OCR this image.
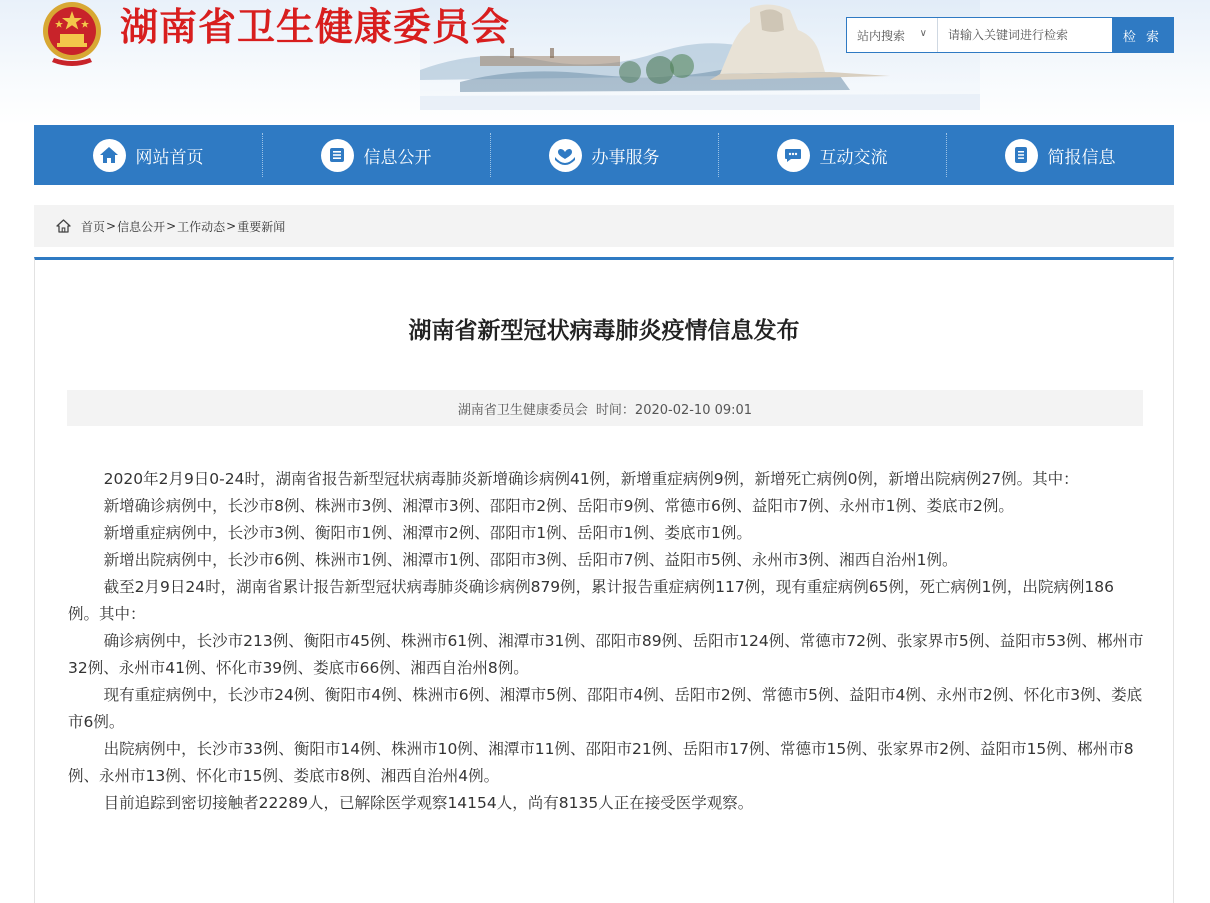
湖南省卫生健康委员会	站内搜索 ∨
请输入关键词进行检索	检 索
网站首页	信息公开	办事服务	互动交流	简报信息
首页 > 信息公开 > 工作动态 > 重要新闻
湖南省新型冠状病毒肺炎疫情信息发布
湖南省卫生健康委员会 时间：2020-02-10 09:01

2020年2月9日0-24时，湖南省报告新型冠状病毒肺炎新增确诊病例41例，新增重症病例9例，新增死亡病例0例，新增出院病例27例。其中：

新增确诊病例中，长沙市8例、株洲市3例、湘潭市3例、邵阳市2例、岳阳市9例、常德市6例、益阳市7例、永州市1例、娄底市2例。

新增重症病例中，长沙市3例、衡阳市1例、湘潭市2例、邵阳市1例、岳阳市1例、娄底市1例。

新增出院病例中，长沙市6例、株洲市1例、湘潭市1例、邵阳市3例、岳阳市7例、益阳市5例、永州市3例、湘西自治州1例。

截至2月9日24时，湖南省累计报告新型冠状病毒肺炎确诊病例879例，累计报告重症病例117例，现有重症病例65例，死亡病例1例，出院病例186例。其中：

确诊病例中，长沙市213例、衡阳市45例、株洲市61例、湘潭市31例、邵阳市89例、岳阳市124例、常德市72例、张家界市5例、益阳市53例、郴州市32例、永州市41例、怀化市39例、娄底市66例、湘西自治州8例。

现有重症病例中，长沙市24例、衡阳市4例、株洲市6例、湘潭市5例、邵阳市4例、岳阳市2例、常德市5例、益阳市4例、永州市2例、怀化市3例、娄底市6例。

出院病例中，长沙市33例、衡阳市14例、株洲市10例、湘潭市11例、邵阳市21例、岳阳市17例、常德市15例、张家界市2例、益阳市15例、郴州市8例、永州市13例、怀化市15例、娄底市8例、湘西自治州4例。

目前追踪到密切接触者22289人，已解除医学观察14154人，尚有8135人正在接受医学观察。
